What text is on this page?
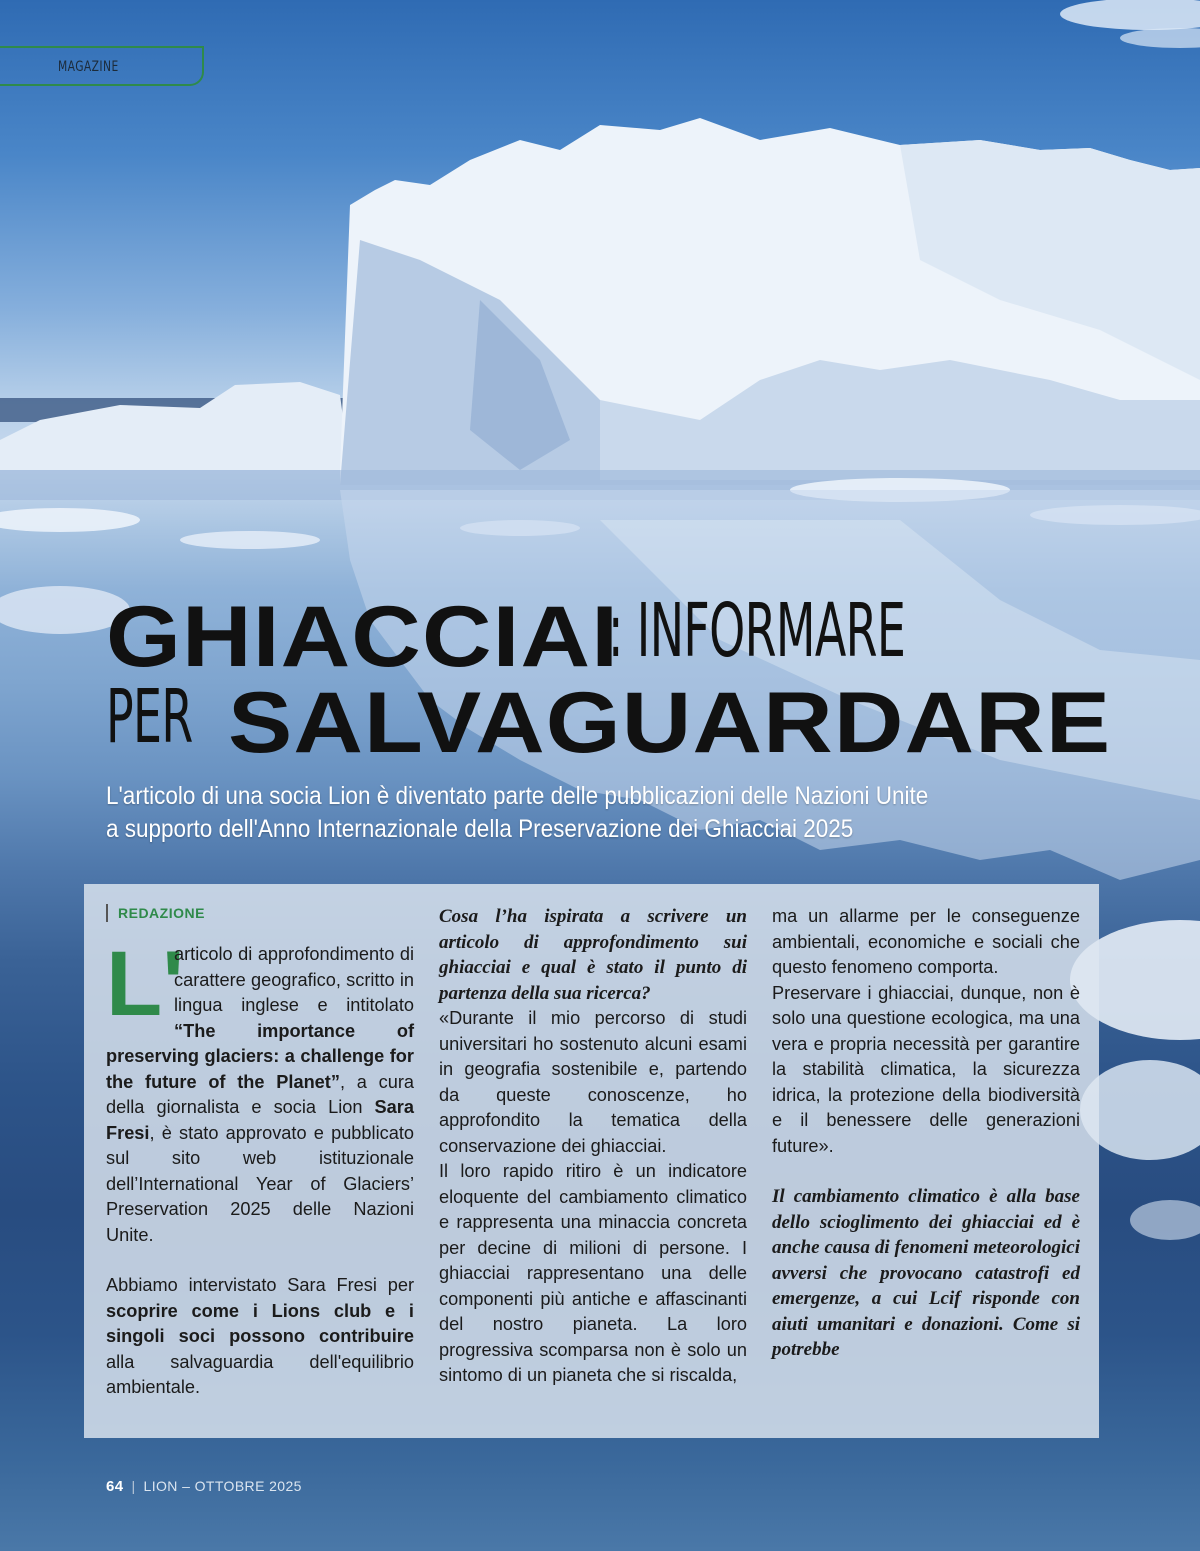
MAGAZINE
GHIACCIAI
: INFORMARE
PER SALVAGUARDARE
L'articolo di una socia Lion è diventato parte delle pubblicazioni delle Nazioni Unite
a supporto dell'Anno Internazionale della Preservazione dei Ghiacciai 2025
REDAZIONE

L'
articolo di approfondimento di carattere geografico, scritto in lingua inglese e intitolato “The importance of preserving glaciers: a challenge for the future of the Planet”, a cura della giornalista e socia Lion Sara Fresi, è stato approvato e pubblicato sul sito web istituzionale dell’International Year of Glaciers’ Preservation 2025 delle Nazioni Unite.

Abbiamo intervistato Sara Fresi per scoprire come i Lions club e i singoli soci possono contribuire alla salvaguardia dell'equilibrio ambientale.

Cosa l’ha ispirata a scrivere un articolo di approfondimento sui ghiacciai e qual è stato il punto di partenza della sua ricerca?

«Durante il mio percorso di studi universitari ho sostenuto alcuni esami in geografia sostenibile e, partendo da queste conoscenze, ho approfondito la tematica della conservazione dei ghiacciai.

Il loro rapido ritiro è un indicatore eloquente del cambiamento climatico e rappresenta una minaccia concreta per decine di milioni di persone. I ghiacciai rappresentano una delle componenti più antiche e affascinanti del nostro pianeta. La loro progressiva scomparsa non è solo un sintomo di un pianeta che si riscalda,

ma un allarme per le conseguenze ambientali, economiche e sociali che questo fenomeno comporta.

Preservare i ghiacciai, dunque, non è solo una questione ecologica, ma una vera e propria necessità per garantire la stabilità climatica, la sicurezza idrica, la protezione della biodiversità e il benessere delle generazioni future».

Il cambiamento climatico è alla base dello scioglimento dei ghiacciai ed è anche causa di fenomeni meteorologici avversi che provocano catastrofi ed emergenze, a cui Lcif risponde con aiuti umanitari e donazioni. Come si potrebbe

64 | LION – OTTOBRE 2025
